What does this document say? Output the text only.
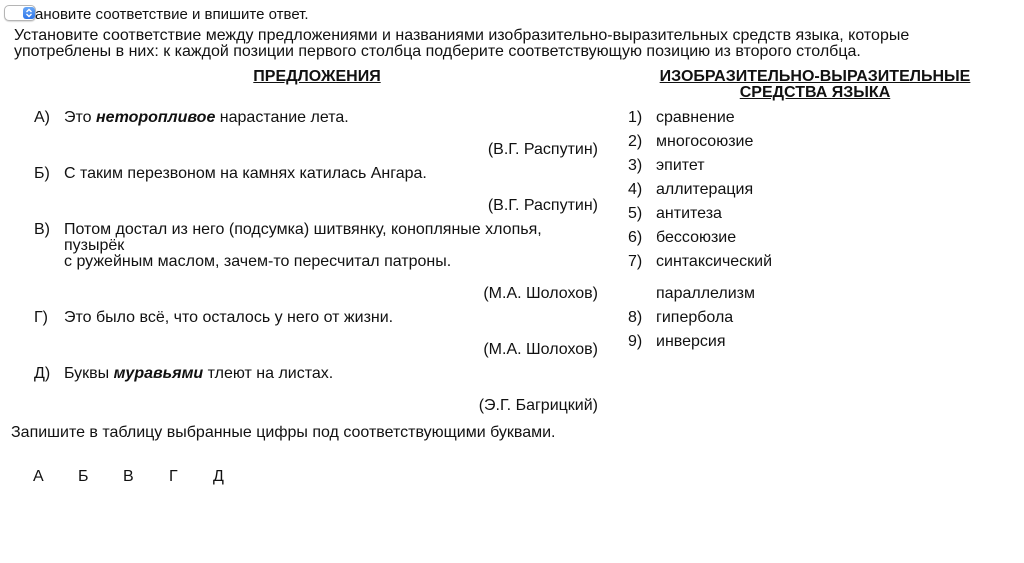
ановите соответствие и впишите ответ.
Установите соответствие между предложениями и названиями изобразительно-выразительных средств языка, которые
употреблены в них: к каждой позиции первого столбца подберите соответствующую позицию из второго столбца.
ПРЕДЛОЖЕНИЯ	ИЗОБРАЗИТЕЛЬНО-ВЫРАЗИТЕЛЬНЫЕ
СРЕДСТВА ЯЗЫКА
А) Это неторопливое нарастание лета.
(В.Г. Распутин)
Б) С таким перезвоном на камнях катилась Ангара.
(В.Г. Распутин)
В) Потом достал из него (подсумка) шитвянку, конопляные хлопья,
пузырёк
с ружейным маслом, зачем-то пересчитал патроны.
(М.А. Шолохов)
Г) Это было всё, что осталось у него от жизни.
(М.А. Шолохов)
Д) Буквы муравьями тлеют на листах.
(Э.Г. Багрицкий)
1) сравнение
2) многосоюзие
3) эпитет
4) аллитерация
5) антитеза
6) бессоюзие
7) синтаксический
параллелизм
8) гипербола
9) инверсия
Запишите в таблицу выбранные цифры под соответствующими буквами.
А Б В Г Д
